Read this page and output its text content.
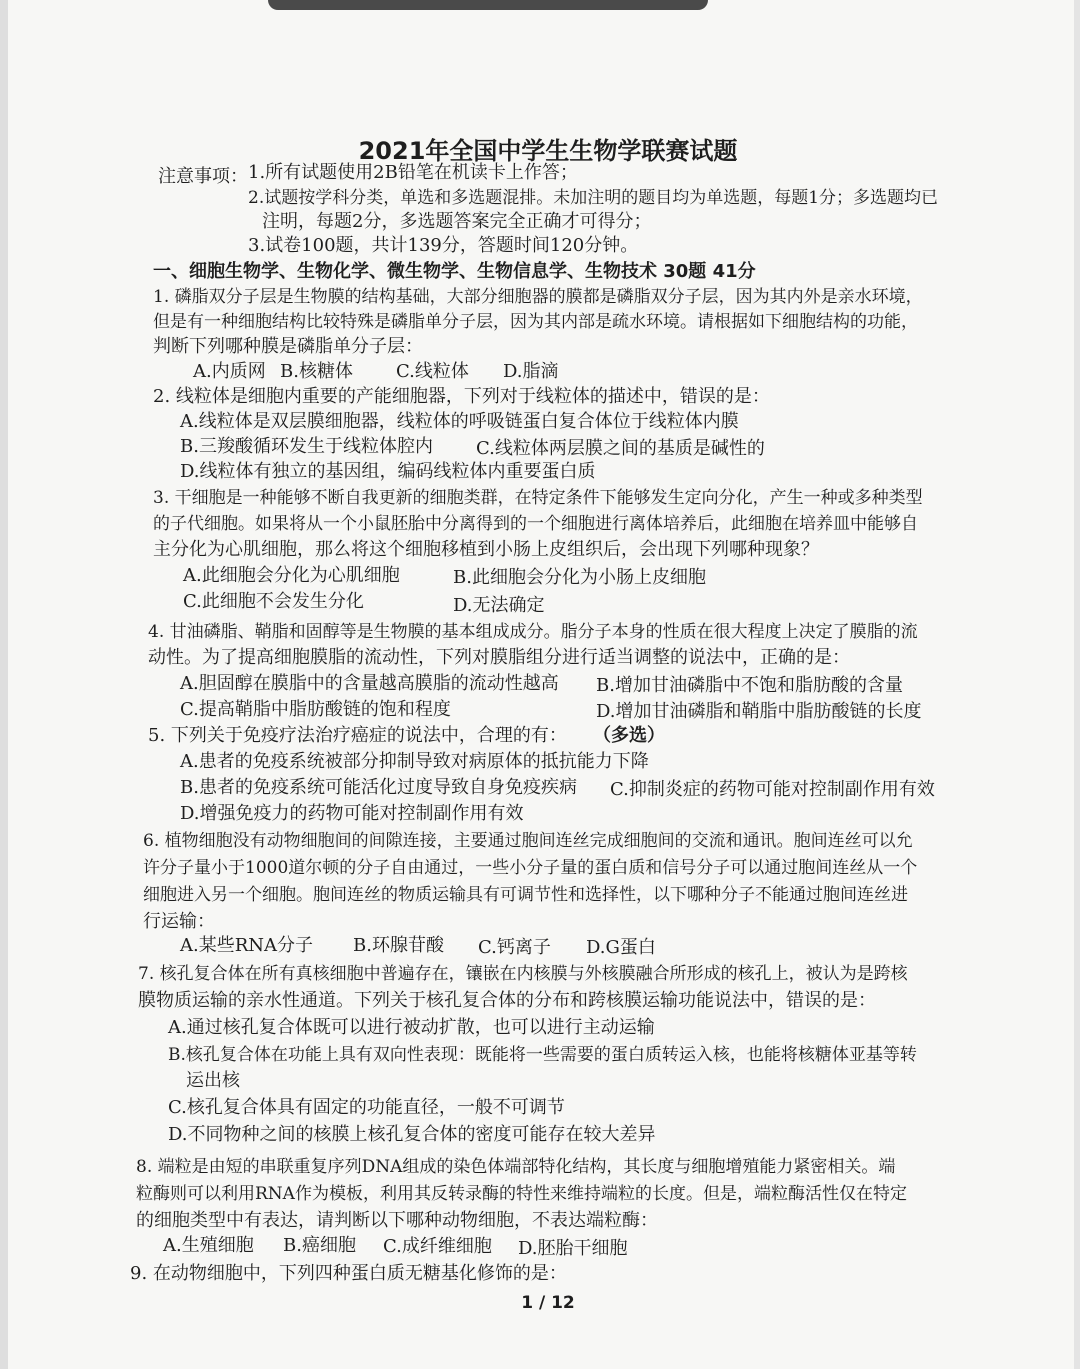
2021年全国中学生生物学联赛试题
注意事项： 1.所有试题使用2B铅笔在机读卡上作答；
2.试题按学科分类，单选和多选题混排。未加注明的题目均为单选题，每题1分；多选题均已
注明，每题2分，多选题答案完全正确才可得分；
3.试卷100题，共计139分，答题时间120分钟。
一、细胞生物学、生物化学、微生物学、生物信息学、生物技术 30题 41分
1. 磷脂双分子层是生物膜的结构基础，大部分细胞器的膜都是磷脂双分子层，因为其内外是亲水环境，
但是有一种细胞结构比较特殊是磷脂单分子层，因为其内部是疏水环境。请根据如下细胞结构的功能，
判断下列哪种膜是磷脂单分子层：
A.内质网 B.核糖体 C.线粒体 D.脂滴
2. 线粒体是细胞内重要的产能细胞器，下列对于线粒体的描述中，错误的是：
A.线粒体是双层膜细胞器，线粒体的呼吸链蛋白复合体位于线粒体内膜
B.三羧酸循环发生于线粒体腔内 C.线粒体两层膜之间的基质是碱性的
D.线粒体有独立的基因组，编码线粒体内重要蛋白质
3. 干细胞是一种能够不断自我更新的细胞类群，在特定条件下能够发生定向分化，产生一种或多种类型
的子代细胞。如果将从一个小鼠胚胎中分离得到的一个细胞进行离体培养后，此细胞在培养皿中能够自
主分化为心肌细胞，那么将这个细胞移植到小肠上皮组织后，会出现下列哪种现象？
A.此细胞会分化为心肌细胞	B.此细胞会分化为小肠上皮细胞
C.此细胞不会发生分化	D.无法确定
4. 甘油磷脂、鞘脂和固醇等是生物膜的基本组成成分。脂分子本身的性质在很大程度上决定了膜脂的流
动性。为了提高细胞膜脂的流动性，下列对膜脂组分进行适当调整的说法中，正确的是：
A.胆固醇在膜脂中的含量越高膜脂的流动性越高 B.增加甘油磷脂中不饱和脂肪酸的含量
C.提高鞘脂中脂肪酸链的饱和程度	D.增加甘油磷脂和鞘脂中脂肪酸链的长度
5. 下列关于免疫疗法治疗癌症的说法中，合理的有： （多选）
A.患者的免疫系统被部分抑制导致对病原体的抵抗能力下降
B.患者的免疫系统可能活化过度导致自身免疫疾病 C.抑制炎症的药物可能对控制副作用有效
D.增强免疫力的药物可能对控制副作用有效
6. 植物细胞没有动物细胞间的间隙连接，主要通过胞间连丝完成细胞间的交流和通讯。胞间连丝可以允
许分子量小于1000道尔顿的分子自由通过，一些小分子量的蛋白质和信号分子可以通过胞间连丝从一个
细胞进入另一个细胞。胞间连丝的物质运输具有可调节性和选择性，以下哪种分子不能通过胞间连丝进
行运输：
A.某些RNA分子 B.环腺苷酸 C.钙离子 D.G蛋白
7. 核孔复合体在所有真核细胞中普遍存在，镶嵌在内核膜与外核膜融合所形成的核孔上，被认为是跨核
膜物质运输的亲水性通道。下列关于核孔复合体的分布和跨核膜运输功能说法中，错误的是：
A.通过核孔复合体既可以进行被动扩散，也可以进行主动运输
B.核孔复合体在功能上具有双向性表现：既能将一些需要的蛋白质转运入核，也能将核糖体亚基等转
运出核
C.核孔复合体具有固定的功能直径，一般不可调节
D.不同物种之间的核膜上核孔复合体的密度可能存在较大差异
8. 端粒是由短的串联重复序列DNA组成的染色体端部特化结构，其长度与细胞增殖能力紧密相关。端
粒酶则可以利用RNA作为模板，利用其反转录酶的特性来维持端粒的长度。但是，端粒酶活性仅在特定
的细胞类型中有表达，请判断以下哪种动物细胞，不表达端粒酶：
A.生殖细胞 B.癌细胞 C.成纤维细胞 D.胚胎干细胞
9. 在动物细胞中，下列四种蛋白质无糖基化修饰的是：
1 / 12
